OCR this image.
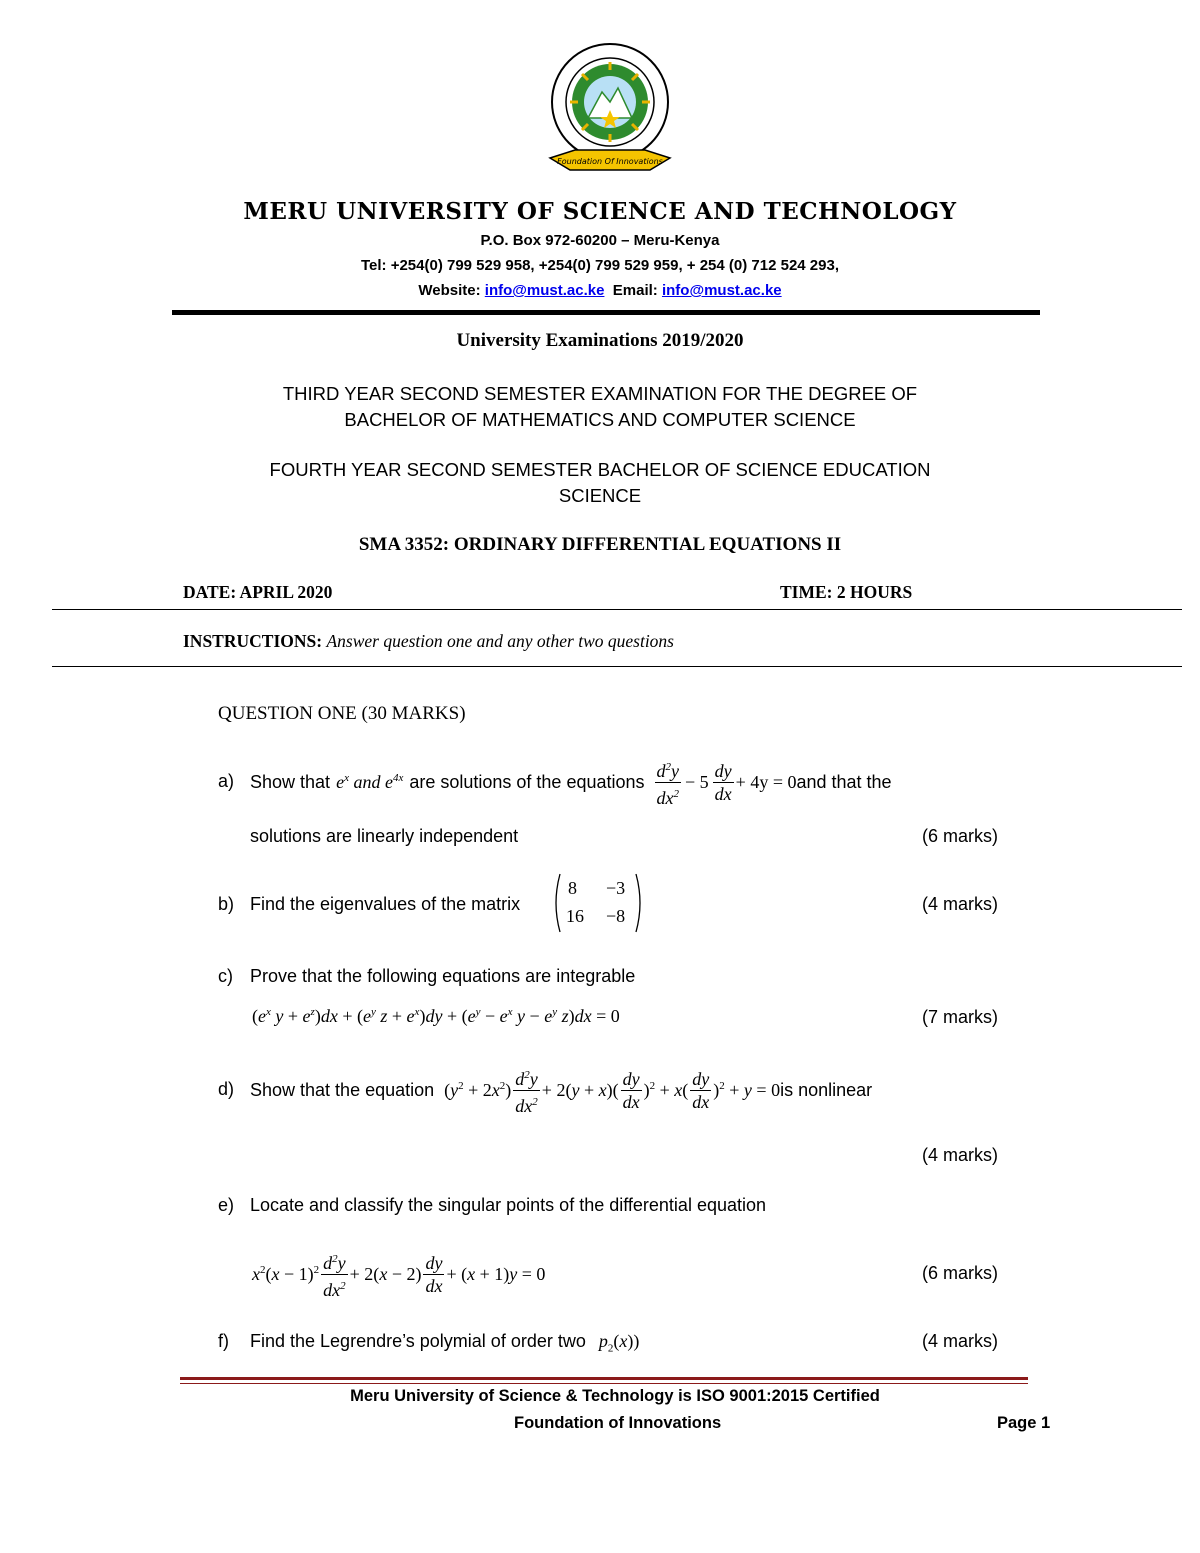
Foundation Of Innovations
MERU UNIVERSITY OF SCIENCE AND TECHNOLOGY
P.O. Box 972-60200 – Meru-Kenya
Tel: +254(0) 799 529 958, +254(0) 799 529 959, + 254 (0) 712 524 293,
Website: info@must.ac.ke Email: info@must.ac.ke
University Examinations 2019/2020
THIRD YEAR SECOND SEMESTER EXAMINATION FOR THE DEGREE OF
BACHELOR OF MATHEMATICS AND COMPUTER SCIENCE
FOURTH YEAR SECOND SEMESTER BACHELOR OF SCIENCE EDUCATION
SCIENCE
SMA 3352: ORDINARY DIFFERENTIAL EQUATIONS II
DATE: APRIL 2020	TIME: 2 HOURS
INSTRUCTIONS: Answer question one and any other two questions
QUESTION ONE (30 MARKS)
a) Show that $e^x$ and $e^{4x}$ are solutions of the equations $\frac{d^2y}{dx^2} - 5 \frac{dy}{dx} + 4y = 0$ and that the
solutions are linearly independent	(6 marks)
b) Find the eigenvalues of the matrix
8 −3
16 −8
(4 marks)
c) Prove that the following equations are integrable
($e^x$ $y + e^z)dx + (e^y$ $z + e^x)dy + (e^y - e^x$ $y - e^y$ z)dx = 0	(7 marks)
d) Show that the equation $(y^2 + 2x^2) \frac{d^2y}{dx^2} + 2(y + x)( \frac{dy}{dx} )^2 + x( \frac{dy}{dx} )^2 + y = 0$ is nonlinear
(4 marks)
e) Locate and classify the singular points of the differential equation
$x^2(x - 1)^2 \frac{d^2y}{dx^2} + 2(x - 2) \frac{dy}{dx} + (x + 1)y = 0$	(6 marks)
f) Find the Legrendre’s polymial of order two $p_2(x)$)	(4 marks)
Meru University of Science & Technology is ISO 9001:2015 Certified
Foundation of Innovations	Page 1
